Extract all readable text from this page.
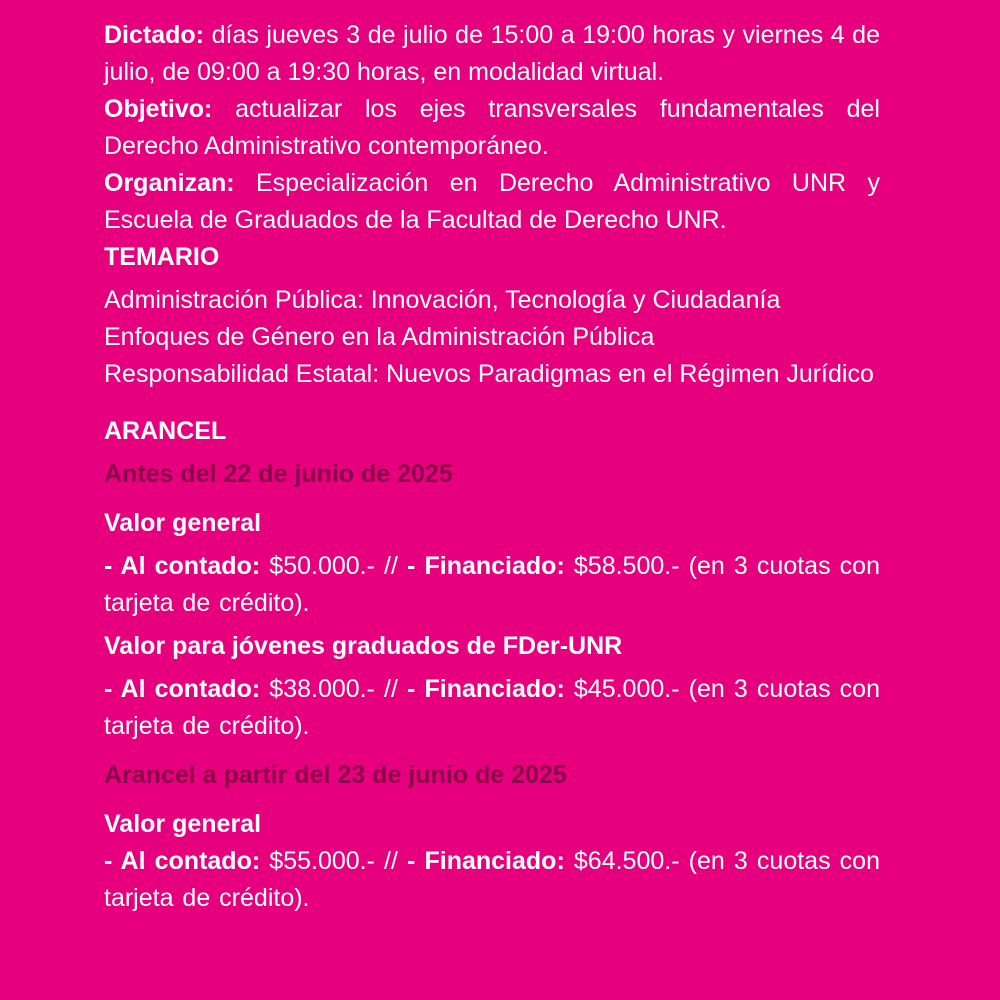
Dictado: días jueves 3 de julio de 15:00 a 19:00 horas y viernes 4 de julio, de 09:00 a 19:30 horas, en modalidad virtual.

Objetivo: actualizar los ejes transversales fundamentales del Derecho Administrativo contemporáneo.

Organizan: Especialización en Derecho Administrativo UNR y Escuela de Graduados de la Facultad de Derecho UNR.

TEMARIO

Administración Pública: Innovación, Tecnología y Ciudadanía

Enfoques de Género en la Administración Pública

Responsabilidad Estatal: Nuevos Paradigmas en el Régimen Jurídico

ARANCEL

Antes del 22 de junio de 2025

Valor general

- Al contado: $50.000.- // - Financiado: $58.500.- (en 3 cuotas con tarjeta de crédito).

Valor para jóvenes graduados de FDer-UNR

- Al contado: $38.000.- // - Financiado: $45.000.- (en 3 cuotas con tarjeta de crédito).

Arancel a partir del 23 de junio de 2025

Valor general

- Al contado: $55.000.- // - Financiado: $64.500.- (en 3 cuotas con tarjeta de crédito).
